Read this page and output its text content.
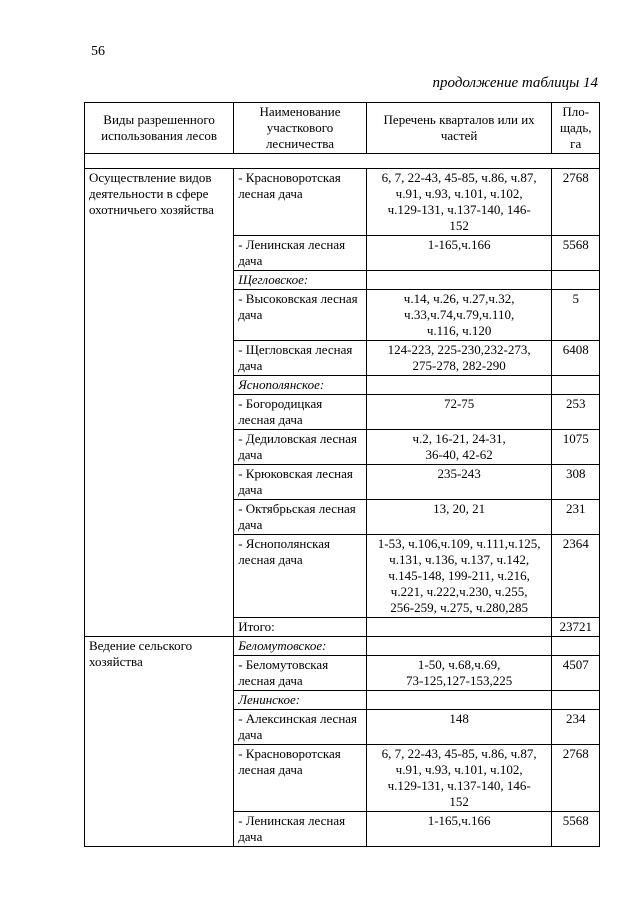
56
продолжение таблицы 14
Виды разрешенного использования лесов	Наименование участкового лесничества	Перечень кварталов или их частей	Пло-
щадь,
га

Осуществление видов деятельности в сфере охотничьего хозяйства	- Красноворотская лесная дача	6, 7, 22-43, 45-85, ч.86, ч.87,
ч.91, ч.93, ч.101, ч.102,
ч.129-131, ч.137-140, 146-
152	2768
	- Ленинская лесная дача	1-165,ч.166	5568
	Щегловское:		
	- Высоковская лесная дача	ч.14, ч.26, ч.27,ч.32,
ч.33,ч.74,ч.79,ч.110,
ч.116, ч.120	5
	- Щегловская лесная дача	124-223, 225-230,232-273,
275-278, 282-290	6408
	Яснополянское:		
	- Богородицкая лесная дача	72-75	253
	- Дедиловская лесная дача	ч.2, 16-21, 24-31,
36-40, 42-62	1075
	- Крюковская лесная дача	235-243	308
	- Октябрьская лесная дача	13, 20, 21	231
	- Яснополянская лесная дача	1-53, ч.106,ч.109, ч.111,ч.125,
ч.131, ч.136, ч.137, ч.142,
ч.145-148, 199-211, ч.216,
ч.221, ч.222,ч.230, ч.255,
256-259, ч.275, ч.280,285	2364
	Итого:		23721
Ведение сельского хозяйства	Беломутовское:		
	- Беломутовская лесная дача	1-50, ч.68,ч.69,
73-125,127-153,225	4507
	Ленинское:		
	- Алексинская лесная дача	148	234
	- Красноворотская лесная дача	6, 7, 22-43, 45-85, ч.86, ч.87,
ч.91, ч.93, ч.101, ч.102,
ч.129-131, ч.137-140, 146-
152	2768
	- Ленинская лесная дача	1-165,ч.166	5568
